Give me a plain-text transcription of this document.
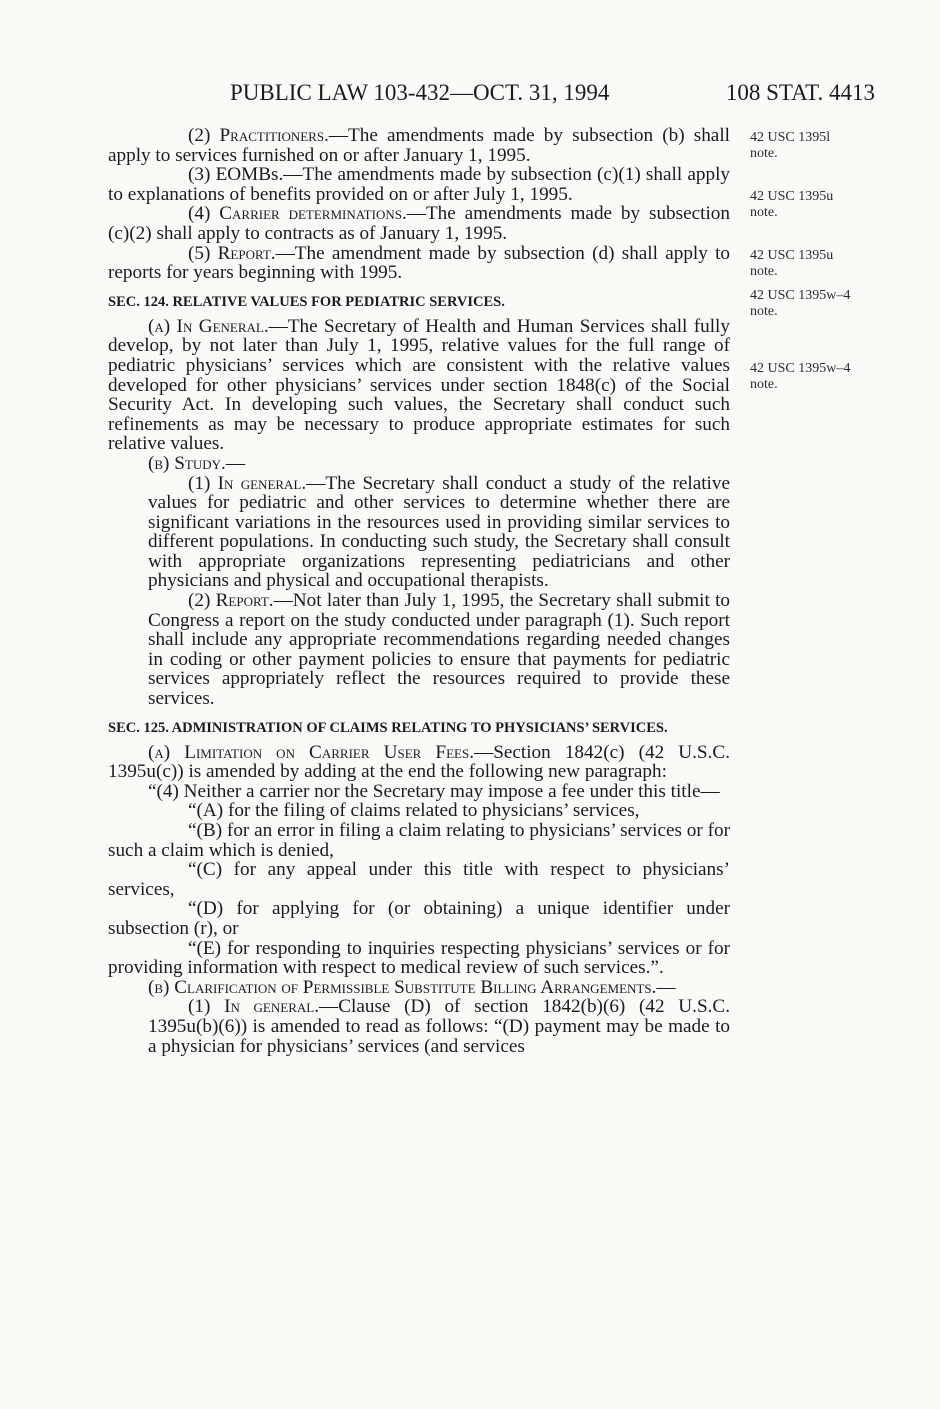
PUBLIC LAW 103-432—OCT. 31, 1994	108 STAT. 4413

(2) Practitioners.—The amendments made by subsection (b) shall apply to services furnished on or after January 1, 1995.

(3) EOMBs.—The amendments made by subsection (c)(1) shall apply to explanations of benefits provided on or after July 1, 1995.

(4) Carrier determinations.—The amendments made by subsection (c)(2) shall apply to contracts as of January 1, 1995.

(5) Report.—The amendment made by subsection (d) shall apply to reports for years beginning with 1995.

SEC. 124. RELATIVE VALUES FOR PEDIATRIC SERVICES.

(a) In General.—The Secretary of Health and Human Services shall fully develop, by not later than July 1, 1995, relative values for the full range of pediatric physicians’ services which are consistent with the relative values developed for other physicians’ services under section 1848(c) of the Social Security Act. In developing such values, the Secretary shall conduct such refinements as may be necessary to produce appropriate estimates for such relative values.

(b) Study.—

(1) In general.—The Secretary shall conduct a study of the relative values for pediatric and other services to determine whether there are significant variations in the resources used in providing similar services to different populations. In conducting such study, the Secretary shall consult with appropriate organizations representing pediatricians and other physicians and physical and occupational therapists.

(2) Report.—Not later than July 1, 1995, the Secretary shall submit to Congress a report on the study conducted under paragraph (1). Such report shall include any appropriate recommendations regarding needed changes in coding or other payment policies to ensure that payments for pediatric services appropriately reflect the resources required to provide these services.

SEC. 125. ADMINISTRATION OF CLAIMS RELATING TO PHYSICIANS’ SERVICES.

(a) Limitation on Carrier User Fees.—Section 1842(c) (42 U.S.C. 1395u(c)) is amended by adding at the end the following new paragraph:

“(4) Neither a carrier nor the Secretary may impose a fee under this title—

“(A) for the filing of claims related to physicians’ services,

“(B) for an error in filing a claim relating to physicians’ services or for such a claim which is denied,

“(C) for any appeal under this title with respect to physicians’ services,

“(D) for applying for (or obtaining) a unique identifier under subsection (r), or

“(E) for responding to inquiries respecting physicians’ services or for providing information with respect to medical review of such services.”.

(b) Clarification of Permissible Substitute Billing Arrangements.—

(1) In general.—Clause (D) of section 1842(b)(6) (42 U.S.C. 1395u(b)(6)) is amended to read as follows: “(D) payment may be made to a physician for physicians’ services (and services

42 USC 1395l
note.
42 USC 1395u
note.
42 USC 1395u
note.
42 USC 1395w–4
note.
42 USC 1395w–4
note.
